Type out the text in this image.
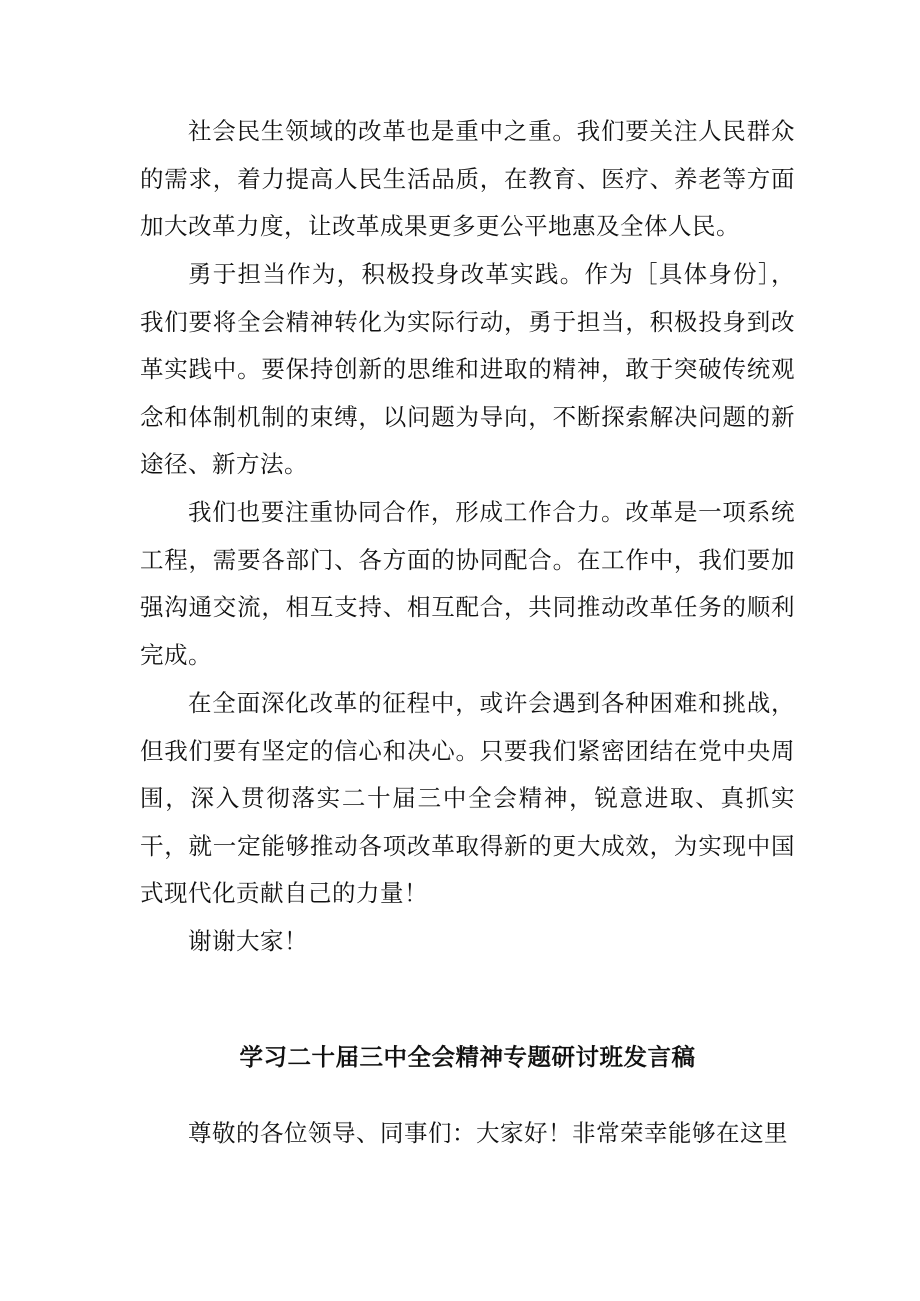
社会民生领域的改革也是重中之重。我们要关注人民群众的需求，着力提高人民生活品质，在教育、医疗、养老等方面加大改革力度，让改革成果更多更公平地惠及全体人民。

勇于担当作为，积极投身改革实践。作为［具体身份］，我们要将全会精神转化为实际行动，勇于担当，积极投身到改革实践中。要保持创新的思维和进取的精神，敢于突破传统观念和体制机制的束缚，以问题为导向，不断探索解决问题的新途径、新方法。

我们也要注重协同合作，形成工作合力。改革是一项系统工程，需要各部门、各方面的协同配合。在工作中，我们要加强沟通交流，相互支持、相互配合，共同推动改革任务的顺利完成。

在全面深化改革的征程中，或许会遇到各种困难和挑战，但我们要有坚定的信心和决心。只要我们紧密团结在党中央周围，深入贯彻落实二十届三中全会精神，锐意进取、真抓实干，就一定能够推动各项改革取得新的更大成效，为实现中国式现代化贡献自己的力量！

谢谢大家！

学习二十届三中全会精神专题研讨班发言稿

尊敬的各位领导、同事们：大家好！非常荣幸能够在这里
